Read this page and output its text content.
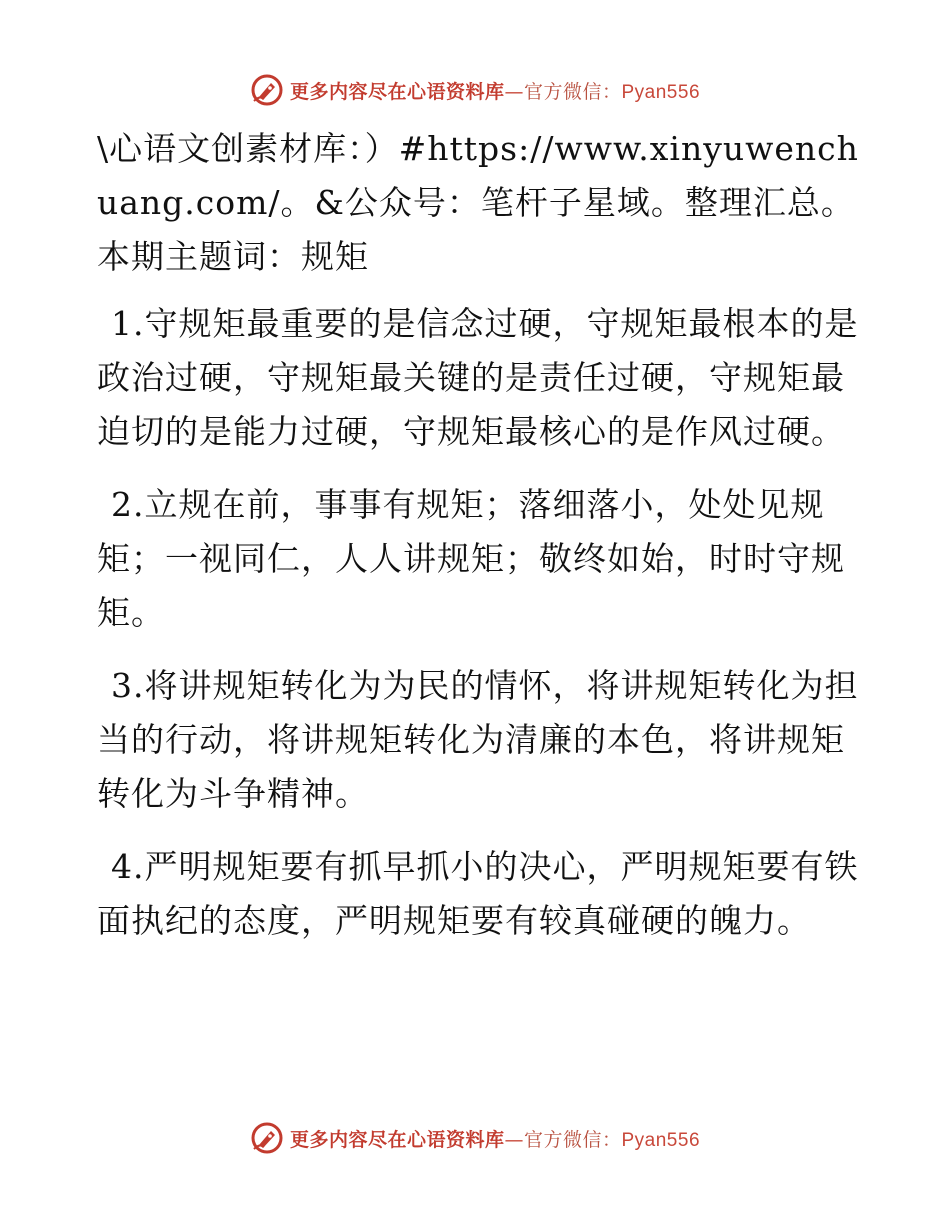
更多内容尽在心语资料库—官方微信：Pyan556

\心语文创素材库：）#https://www.xinyuwenchuang.com/。&公众号：笔杆子星域。整理汇总。本期主题词：规矩

1.守规矩最重要的是信念过硬，守规矩最根本的是政治过硬，守规矩最关键的是责任过硬，守规矩最迫切的是能力过硬，守规矩最核心的是作风过硬。

2.立规在前，事事有规矩；落细落小，处处见规矩；一视同仁，人人讲规矩；敬终如始，时时守规矩。

3.将讲规矩转化为为民的情怀，将讲规矩转化为担当的行动，将讲规矩转化为清廉的本色，将讲规矩转化为斗争精神。

4.严明规矩要有抓早抓小的决心，严明规矩要有铁面执纪的态度，严明规矩要有较真碰硬的魄力。

更多内容尽在心语资料库—官方微信：Pyan556
